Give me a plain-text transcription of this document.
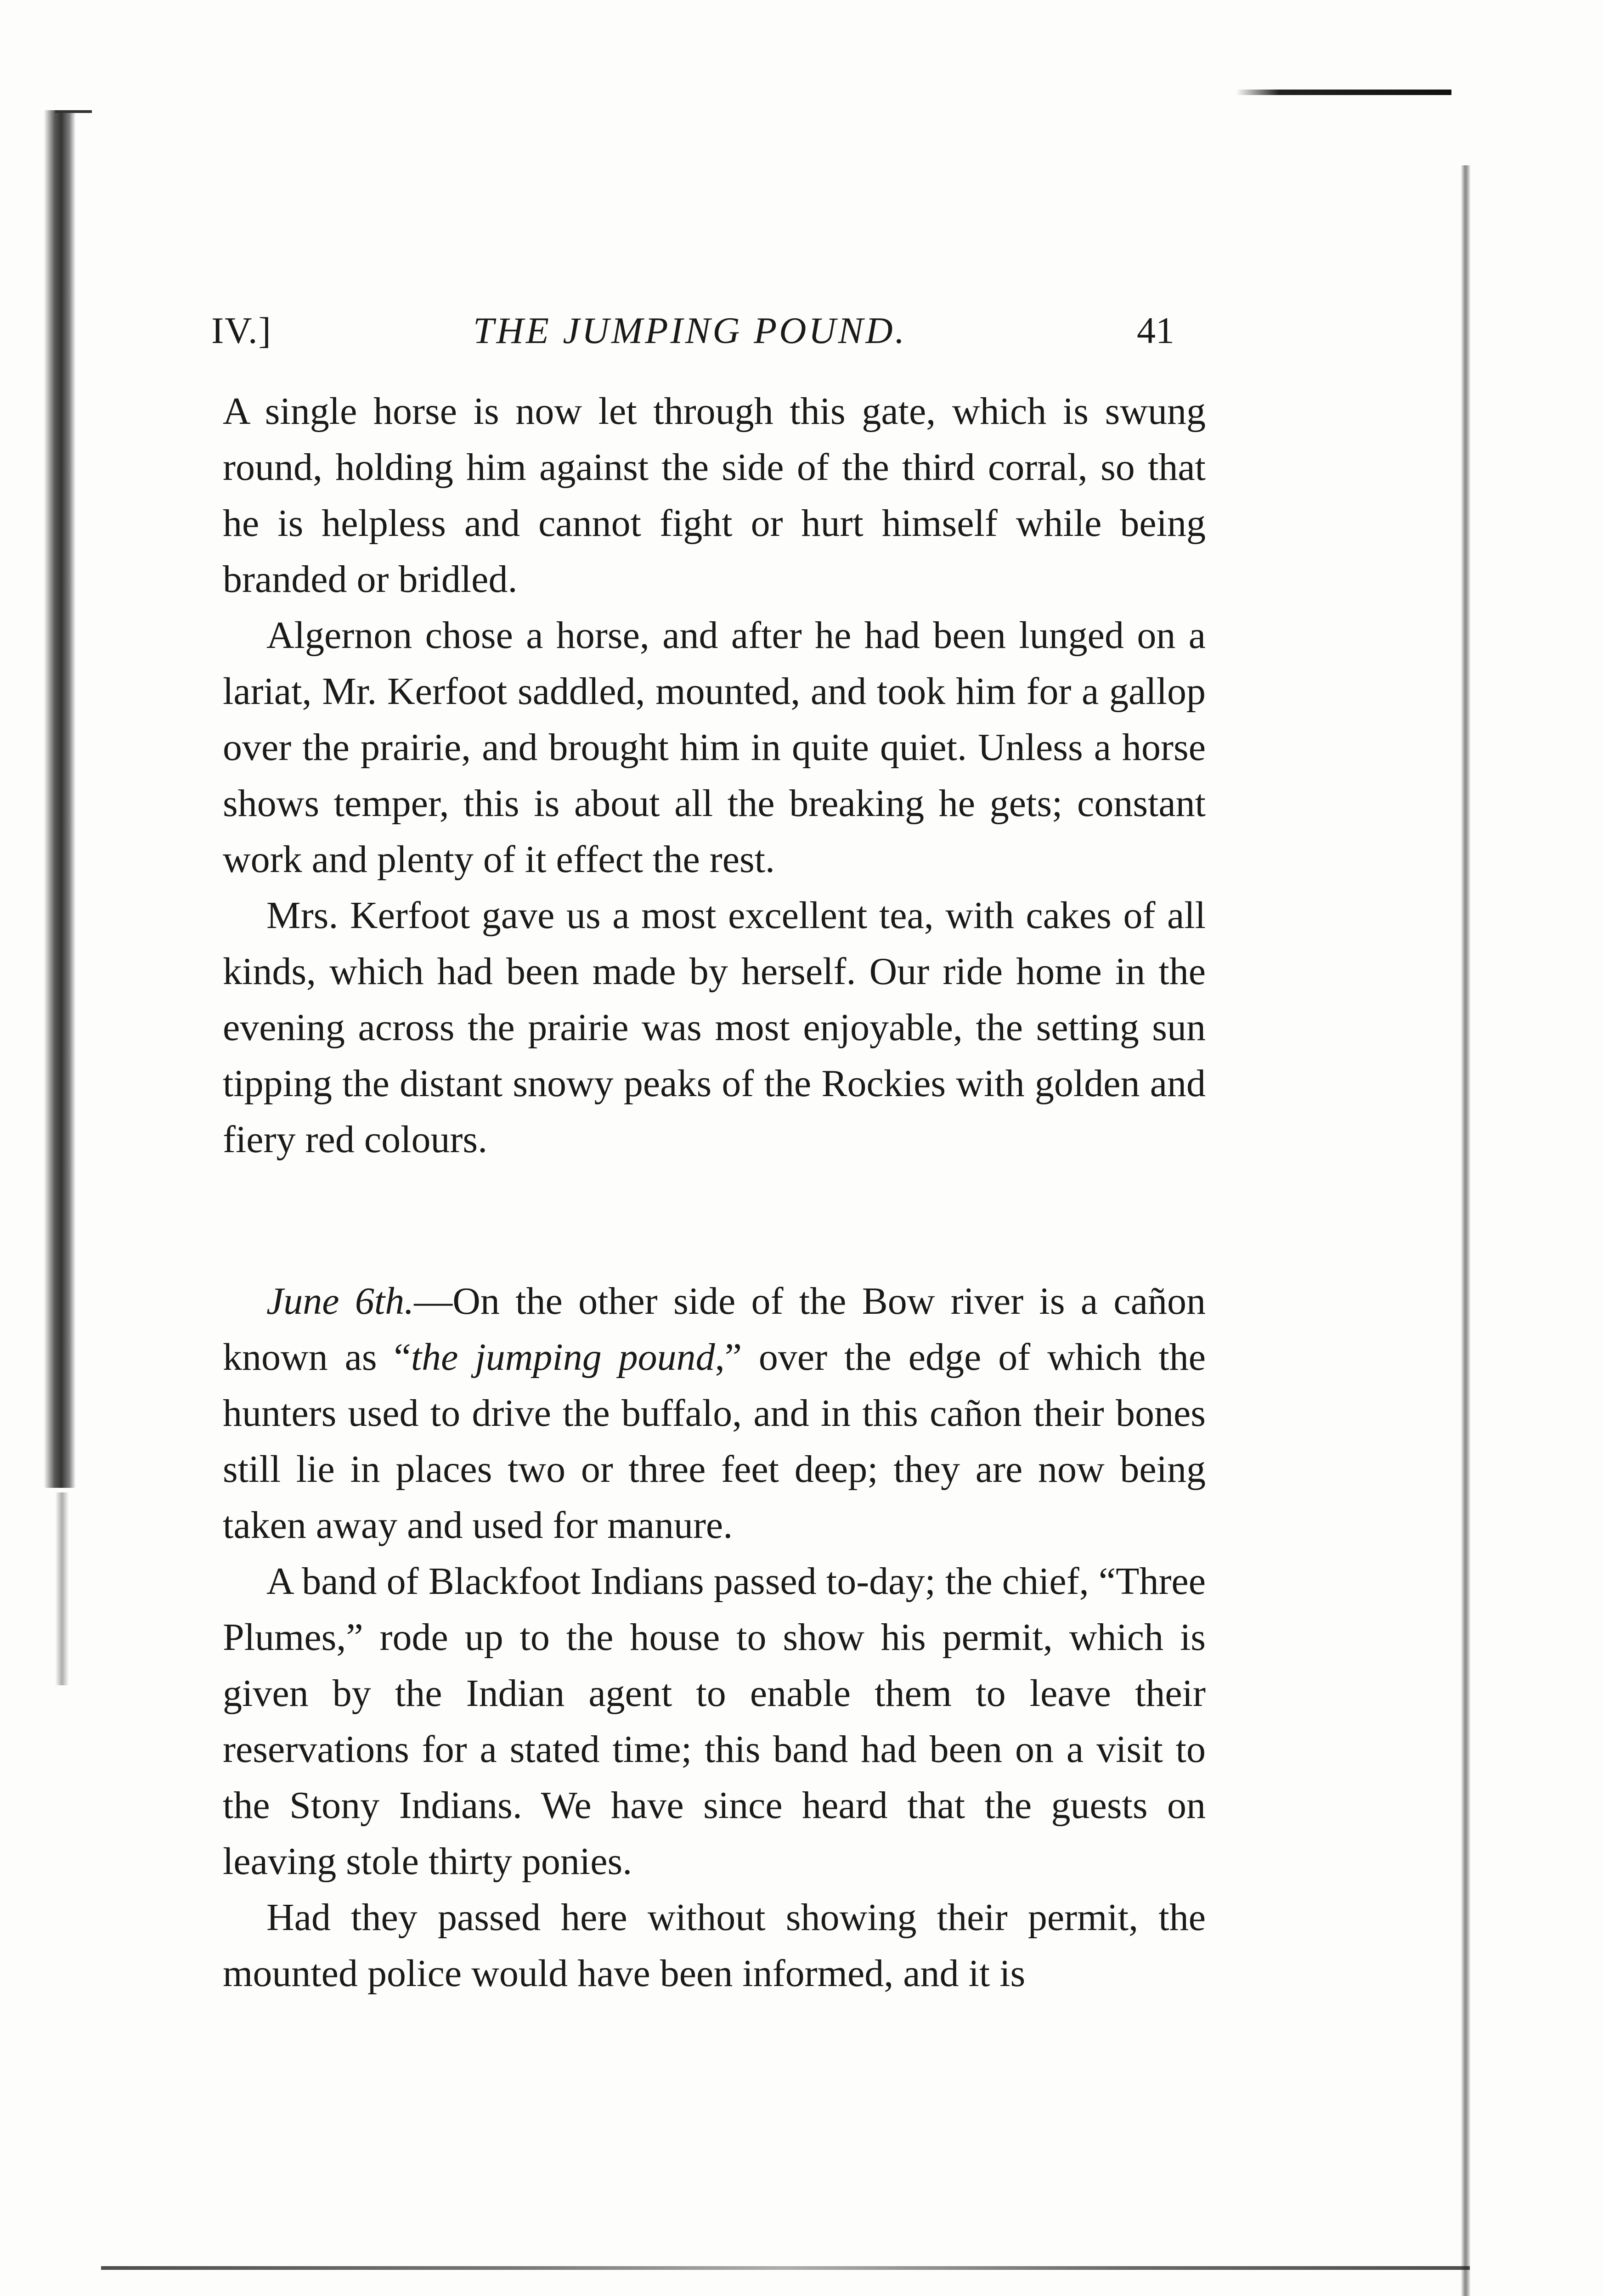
IV.]	THE JUMPING POUND.	41

A single horse is now let through this gate, which is swung round, holding him against the side of the third corral, so that he is helpless and cannot fight or hurt himself while being branded or bridled.

Algernon chose a horse, and after he had been lunged on a lariat, Mr. Kerfoot saddled, mounted, and took him for a gallop over the prairie, and brought him in quite quiet. Unless a horse shows temper, this is about all the breaking he gets; constant work and plenty of it effect the rest.

Mrs. Kerfoot gave us a most excellent tea, with cakes of all kinds, which had been made by herself. Our ride home in the evening across the prairie was most enjoyable, the setting sun tipping the distant snowy peaks of the Rockies with golden and fiery red colours.

June 6th.—On the other side of the Bow river is a cañon known as “the jumping pound,” over the edge of which the hunters used to drive the buffalo, and in this cañon their bones still lie in places two or three feet deep; they are now being taken away and used for manure.

A band of Blackfoot Indians passed to-day; the chief, “Three Plumes,” rode up to the house to show his permit, which is given by the Indian agent to enable them to leave their reservations for a stated time; this band had been on a visit to the Stony Indians. We have since heard that the guests on leaving stole thirty ponies.

Had they passed here without showing their permit, the mounted police would have been informed, and it is
